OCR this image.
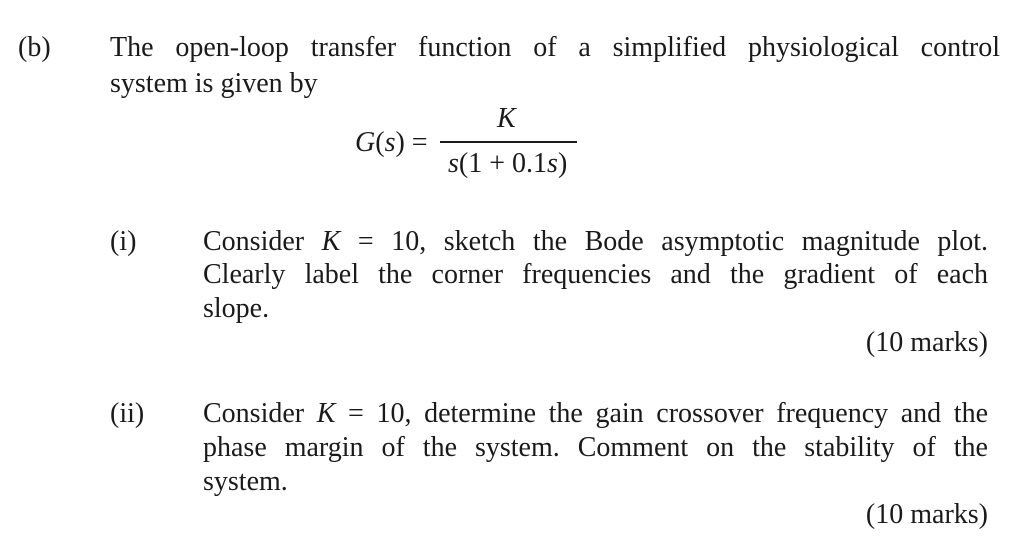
(b) The open-loop transfer function of a simplified physiological control
system is given by
G(s) =
K
s(1 + 0.1s)
(i) Consider K = 10, sketch the Bode asymptotic magnitude plot.
Clearly label the corner frequencies and the gradient of each
slope.
(10 marks)
(ii) Consider K = 10, determine the gain crossover frequency and the
phase margin of the system. Comment on the stability of the
system.
(10 marks)
